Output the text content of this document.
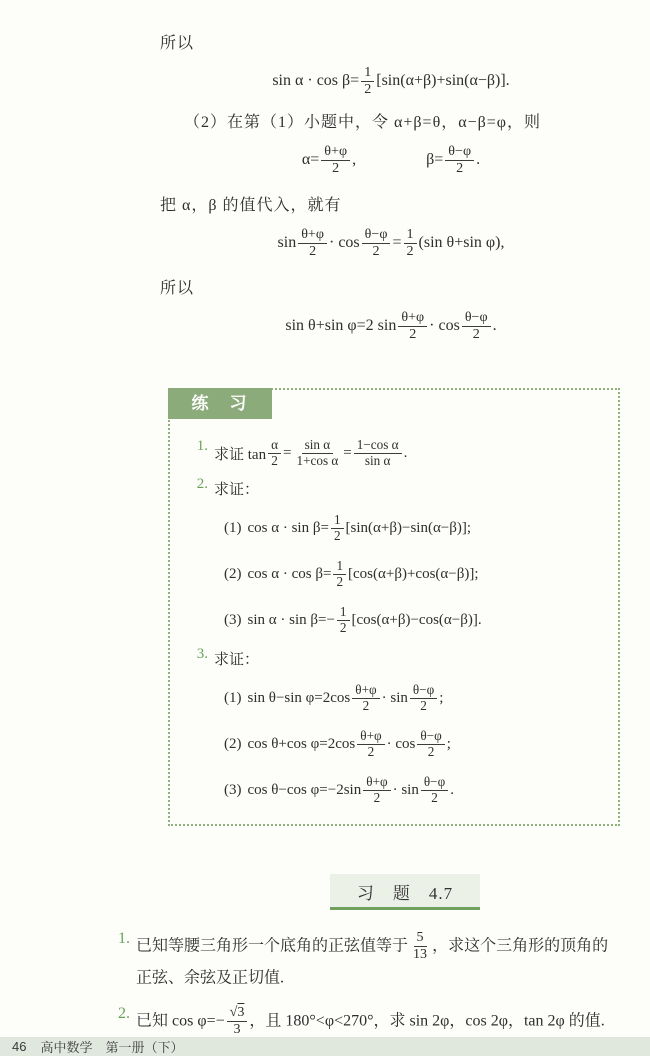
所以

$\sin \alpha \cdot \cos \beta= \frac{1}{2} [\sin(\alpha+\beta)+\sin(\alpha-\beta)]$.

（2）在第（1）小题中，令 α+β=θ，α−β=φ，则

$\alpha= \frac{\theta+\varphi}{2}$ ,	$\beta= \frac{\theta-\varphi}{2}$ .

把 α，β 的值代入，就有

$\sin \frac{\theta+\varphi}{2} \cdot \cos \frac{\theta-\varphi}{2} = \frac{1}{2} (\sin$ θ+sin φ),

所以

sin θ+sin φ=2 $\sin \frac{\theta+\varphi}{2} \cdot \cos \frac{\theta-\varphi}{2}$ .
练　习
1.
求证 $\tan \frac{\alpha}{2} = \frac{\text{sin α}}{\text{1+cos α}} = \frac{\text{1−cos α}}{\text{sin α}}$ .
2. 求证：
(1) $\cos \alpha \cdot \sin \beta= \frac{1}{2} [\sin(\alpha+\beta)-\sin(\alpha-\beta)]$;
(2) $\cos \alpha \cdot \cos \beta= \frac{1}{2} [\cos(\alpha+\beta)+\cos(\alpha-\beta)]$;
(3) $\sin \alpha \cdot \sin \beta=- \frac{1}{2} [\cos(\alpha+\beta)-\cos(\alpha-\beta)]$.
3. 求证：
(1) sin θ−sin $\varphi=2\cos \frac{\theta+\varphi}{2} \cdot \sin \frac{\theta-\varphi}{2}$ ;
(2) cos θ+cos $\varphi=2\cos \frac{\theta+\varphi}{2} \cdot \cos \frac{\theta-\varphi}{2}$ ;
(3) cos θ−cos $\varphi=-2\sin \frac{\theta+\varphi}{2} \cdot \sin \frac{\theta-\varphi}{2}$ .
习　题　4.7
1. 已知等腰三角形一个底角的正弦值等于 $\frac{5}{13}$ ，求这个三角形的顶角的正弦、余弦及正切值.
2. 已知 $\cos \varphi=- \frac{√3}{3}$ ，且 180°<φ<270°，求 sin 2φ，cos 2φ，tan 2φ 的值.
46 高中数学　第一册（下）
